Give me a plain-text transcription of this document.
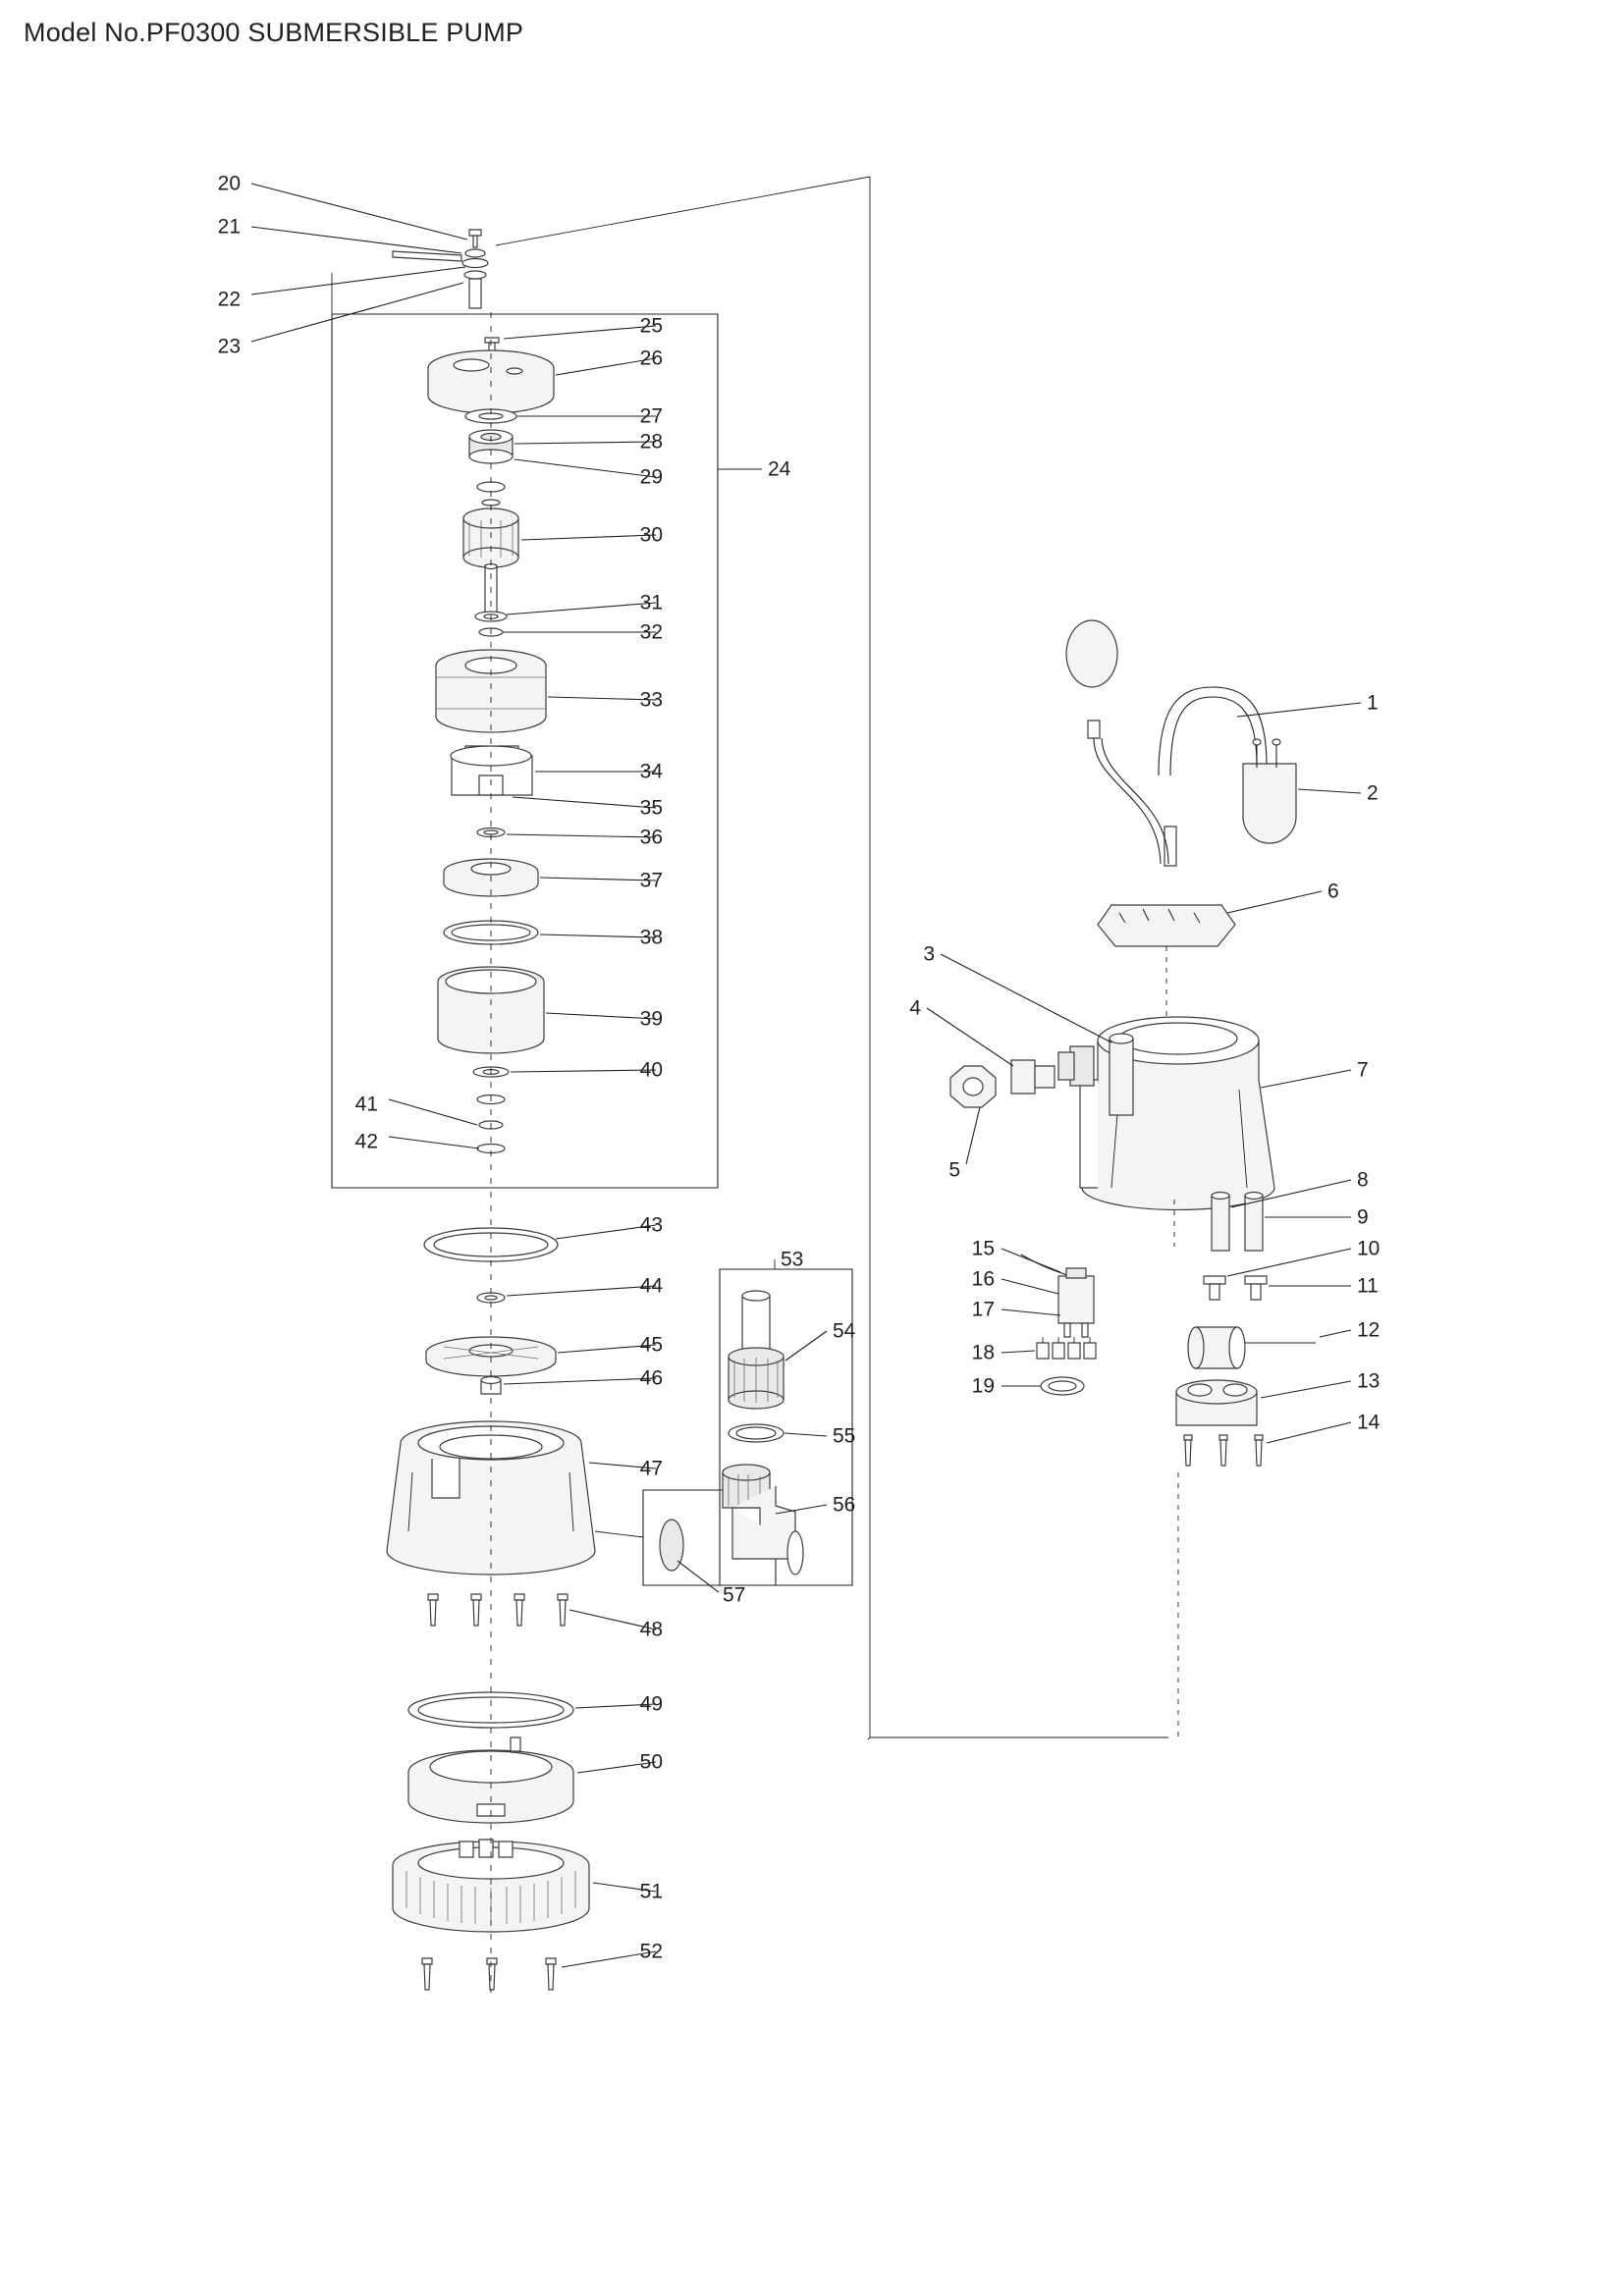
Model No.PF0300 SUBMERSIBLE PUMP
20
21
22
23
25
26
27
28
29	24
30
31
32
33
34
35
36
37
38
39
40
41
42
43
44
45
46
47
48
49
50
51
52
53
54
55
56
57
1
2
6
3
4
5
7
8
9
10
11
12
13
14
15
16
17
18
19
